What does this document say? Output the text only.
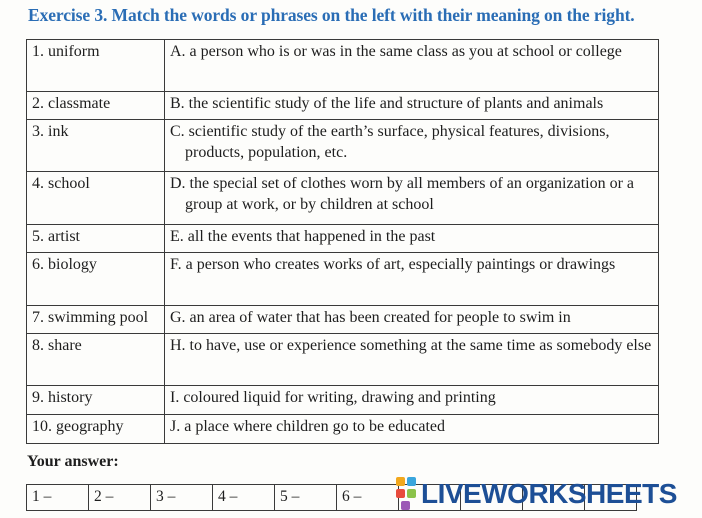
Exercise 3. Match the words or phrases on the left with their meaning on the right.
1. uniform	A. a person who is or was in the same class as you at school or college

2. classmate	B. the scientific study of the life and structure of plants and animals

3. ink	C. scientific study of the earth’s surface, physical features, divisions, products, population, etc.

4. school	D. the special set of clothes worn by all members of an organization or a group at work, or by children at school

5. artist	E. all the events that happened in the past

6. biology	F. a person who creates works of art, especially paintings or drawings

7. swimming pool	G. an area of water that has been created for people to swim in

8. share	H. to have, use or experience something at the same time as somebody else

9. history	I. coloured liquid for writing, drawing and printing

10. geography	J. a place where children go to be educated
Your answer:
1 –	2 –	3 –	4 –	5 –	6 –	LIVEWORKSHEETS
